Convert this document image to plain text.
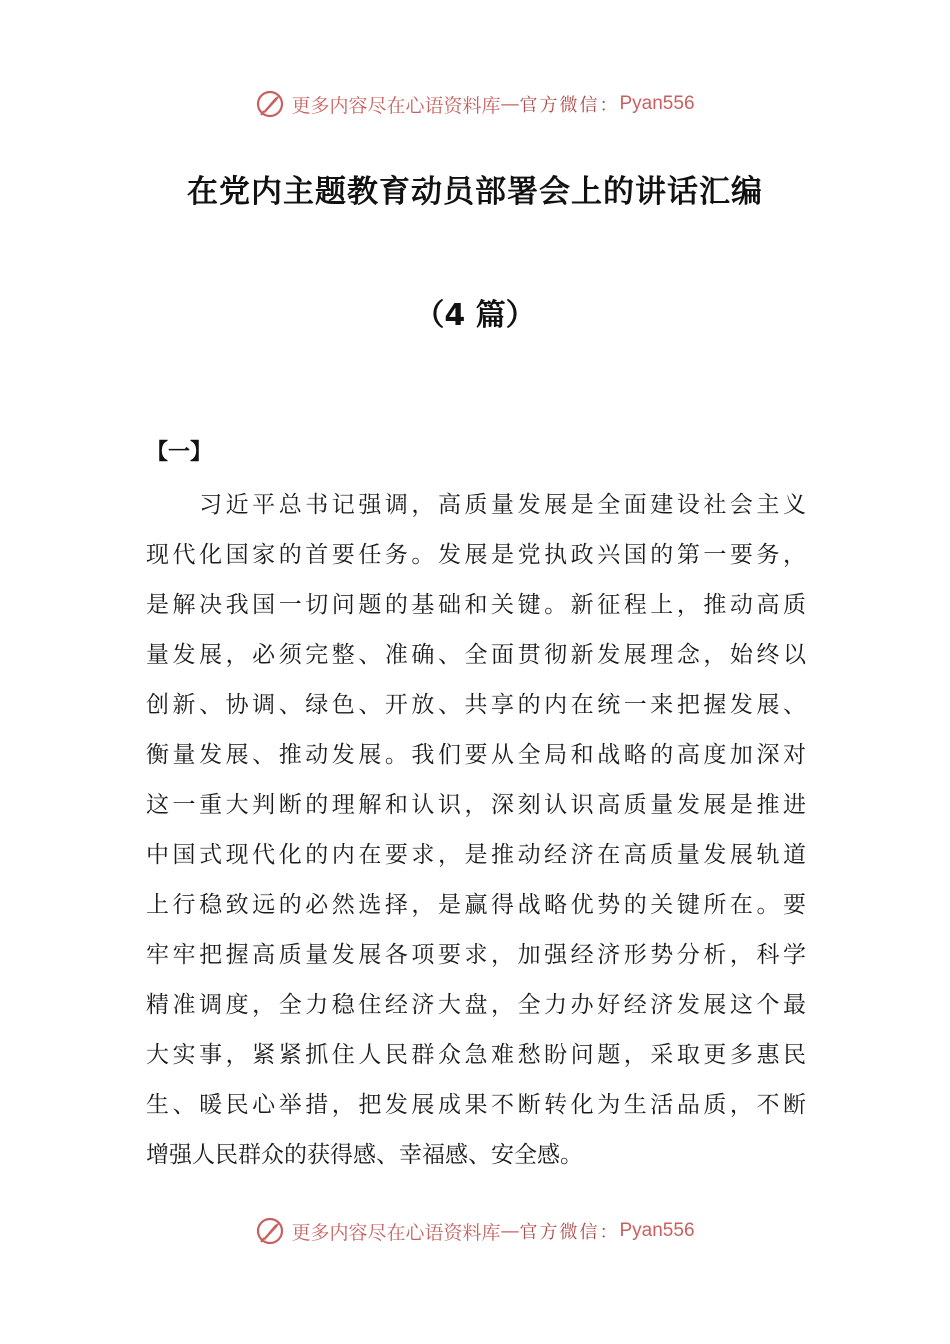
更多内容尽在心语资料库 — 官方微信： Pyan556
在党内主题教育动员部署会上的讲话汇编
（4 篇）
【一】
　　习近平总书记强调，高质量发展是全面建设社会主义
现代化国家的首要任务。发展是党执政兴国的第一要务，
是解决我国一切问题的基础和关键。新征程上，推动高质
量发展，必须完整、准确、全面贯彻新发展理念，始终以
创新、协调、绿色、开放、共享的内在统一来把握发展、
衡量发展、推动发展。我们要从全局和战略的高度加深对
这一重大判断的理解和认识，深刻认识高质量发展是推进
中国式现代化的内在要求，是推动经济在高质量发展轨道
上行稳致远的必然选择，是赢得战略优势的关键所在。要
牢牢把握高质量发展各项要求，加强经济形势分析，科学
精准调度，全力稳住经济大盘，全力办好经济发展这个最
大实事，紧紧抓住人民群众急难愁盼问题，采取更多惠民
生、暖民心举措，把发展成果不断转化为生活品质，不断
增强人民群众的获得感、幸福感、安全感。
更多内容尽在心语资料库 — 官方微信： Pyan556
